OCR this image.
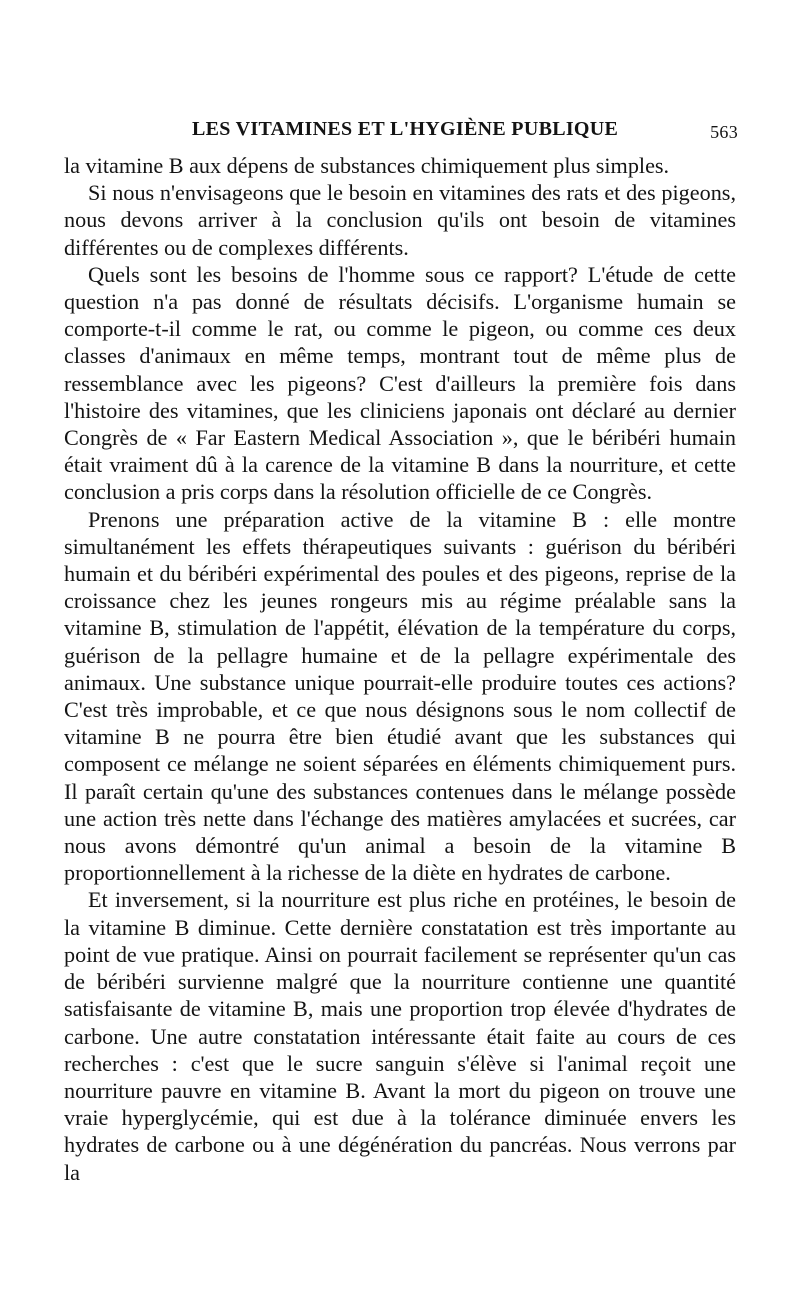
LES VITAMINES ET L'HYGIÈNE PUBLIQUE	563

la vitamine B aux dépens de substances chimiquement plus simples.

Si nous n'envisageons que le besoin en vitamines des rats et des pigeons, nous devons arriver à la conclusion qu'ils ont besoin de vitamines différentes ou de complexes différents.

Quels sont les besoins de l'homme sous ce rapport? L'étude de cette question n'a pas donné de résultats décisifs. L'organisme humain se comporte-t-il comme le rat, ou comme le pigeon, ou comme ces deux classes d'animaux en même temps, montrant tout de même plus de ressemblance avec les pigeons? C'est d'ailleurs la première fois dans l'histoire des vitamines, que les cliniciens japonais ont déclaré au dernier Congrès de « Far Eastern Medical Association », que le béribéri humain était vraiment dû à la carence de la vitamine B dans la nourriture, et cette conclusion a pris corps dans la résolution officielle de ce Congrès.

Prenons une préparation active de la vitamine B : elle montre simultanément les effets thérapeutiques suivants : guérison du béribéri humain et du béribéri expérimental des poules et des pigeons, reprise de la croissance chez les jeunes rongeurs mis au régime préalable sans la vitamine B, stimulation de l'appétit, élévation de la température du corps, guérison de la pellagre humaine et de la pellagre expérimentale des animaux. Une substance unique pourrait-elle produire toutes ces actions? C'est très improbable, et ce que nous désignons sous le nom collectif de vitamine B ne pourra être bien étudié avant que les substances qui composent ce mélange ne soient séparées en éléments chimiquement purs. Il paraît certain qu'une des substances contenues dans le mélange possède une action très nette dans l'échange des matières amylacées et sucrées, car nous avons démontré qu'un animal a besoin de la vitamine B proportionnellement à la richesse de la diète en hydrates de carbone.

Et inversement, si la nourriture est plus riche en protéines, le besoin de la vitamine B diminue. Cette dernière constatation est très importante au point de vue pratique. Ainsi on pourrait facilement se représenter qu'un cas de béribéri survienne malgré que la nourriture contienne une quantité satisfaisante de vitamine B, mais une proportion trop élevée d'hydrates de carbone. Une autre constatation intéressante était faite au cours de ces recherches : c'est que le sucre sanguin s'élève si l'animal reçoit une nourriture pauvre en vitamine B. Avant la mort du pigeon on trouve une vraie hyperglycémie, qui est due à la tolérance diminuée envers les hydrates de carbone ou à une dégénération du pancréas. Nous verrons par la
